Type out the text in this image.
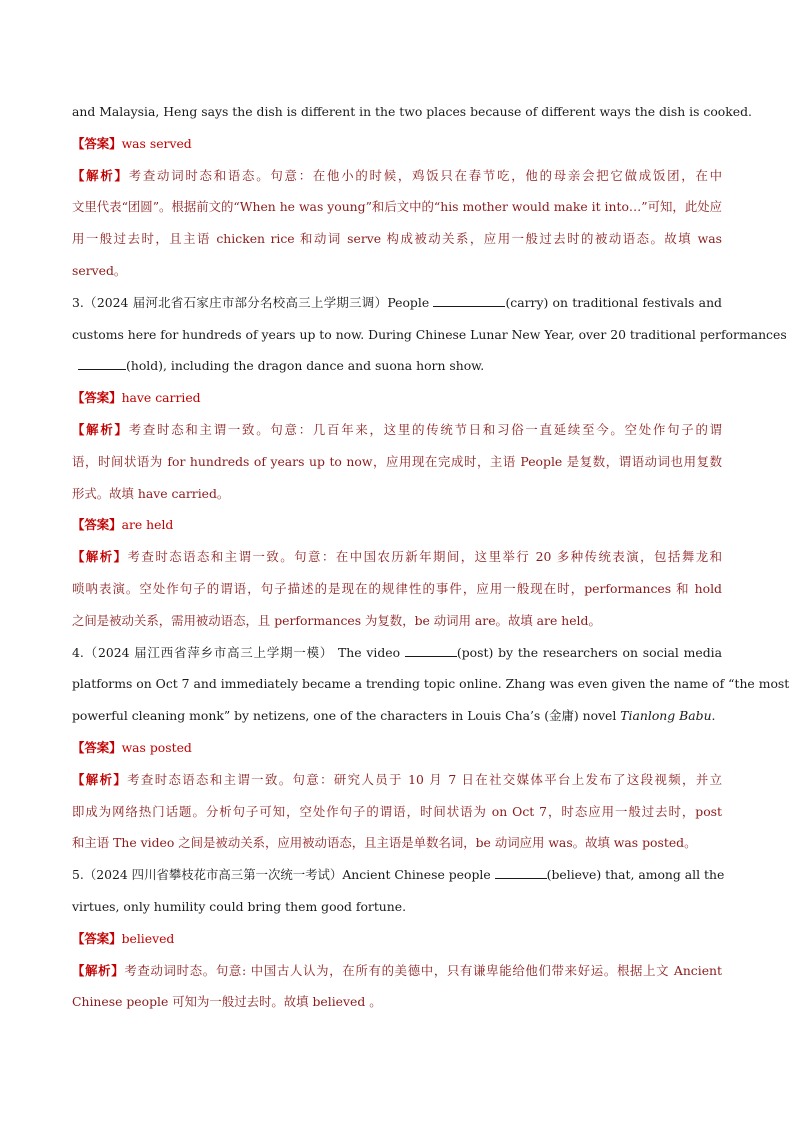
and Malaysia, Heng says the dish is different in the two places because of different ways the dish is cooked.
【答案】was served
【解析】考查动词时态和语态。句意：在他小的时候，鸡饭只在春节吃，他的母亲会把它做成饭团，在中
文里代表“团圆”。根据前文的“When he was young”和后文中的“his mother would make it into…”可知，此处应
用一般过去时，且主语 chicken rice 和动词 serve 构成被动关系，应用一般过去时的被动语态。故填 was
served。
3.（2024 届河北省石家庄市部分名校高三上学期三调）People	(carry) on traditional festivals and
customs here for hundreds of years up to now. During Chinese Lunar New Year, over 20 traditional performances
(hold), including the dragon dance and suona horn show.
【答案】have carried
【解析】考查时态和主谓一致。句意：几百年来，这里的传统节日和习俗一直延续至今。空处作句子的谓
语，时间状语为 for hundreds of years up to now，应用现在完成时，主语 People 是复数，谓语动词也用复数
形式。故填 have carried。
【答案】are held
【解析】考查时态语态和主谓一致。句意：在中国农历新年期间，这里举行 20 多种传统表演，包括舞龙和
唢呐表演。空处作句子的谓语，句子描述的是现在的规律性的事件，应用一般现在时，performances 和 hold
之间是被动关系，需用被动语态，且 performances 为复数，be 动词用 are。故填 are held。
4.（2024 届江西省萍乡市高三上学期一模） The video	(post) by the researchers on social media
platforms on Oct 7 and immediately became a trending topic online. Zhang was even given the name of “the most
powerful cleaning monk” by netizens, one of the characters in Louis Cha’s (金庸) novel Tianlong Babu.
【答案】was posted
【解析】考查时态语态和主谓一致。句意：研究人员于 10 月 7 日在社交媒体平台上发布了这段视频，并立
即成为网络热门话题。分析句子可知，空处作句子的谓语，时间状语为 on Oct 7，时态应用一般过去时，post
和主语 The video 之间是被动关系，应用被动语态，且主语是单数名词，be 动词应用 was。故填 was posted。
5.（2024 四川省攀枝花市高三第一次统一考试）Ancient Chinese people	(believe) that, among all the
virtues, only humility could bring them good fortune.
【答案】believed
【解析】考查动词时态。句意: 中国古人认为，在所有的美德中，只有谦卑能给他们带来好运。根据上文 Ancient
Chinese people 可知为一般过去时。故填 believed 。
